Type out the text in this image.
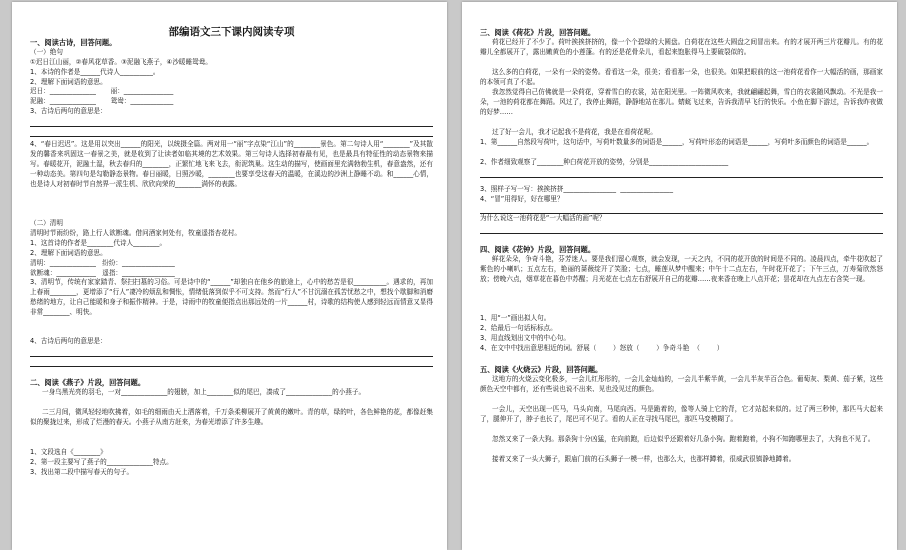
部编语文三下课内阅读专项
一、阅读古诗，回答问题。
（一）绝句
①迟日江山丽，②春风花草香。③泥融飞燕子，④沙暖睡鸳鸯。
1、本诗的作者是______代诗人__________。
2、理解下面词语的意思。
迟日：______________       丽：_______________
泥融：______________       鸳鸯：_____________
3、古诗后两句的意思是：
4、“春日迟迟”。这是用以突出______的阳光，以统摄全篇。两对用一“丽”字点染“江山”的________景色。第二句诗人用“________”及其散发的馨香来巩固这一春景之美，就是收到了让读者如临其境的艺术效果。第三句诗人选择初春最有见，也是最具有特征性的动态景物来描写。春暖花开，泥融土湿，秋去春归的________，正繁忙地飞来飞去，衔泥筑巢。这生动的描写，使画面里充满勃勃生机，春意盎然，还有一种动态美。第四句是勾勒静态景物。春日丽暖，日照沙暖，________也要享受这春天的温暖，在溪边的沙洲上静睡不动。和______心情，也是诗人对初春时节自然界一派生机、欣欣向荣的________满怀的表露。
（二）清明
清明时节雨纷纷，路上行人欲断魂。借问酒家何处有，牧童遥指杏花村。
1、这首诗的作者是________代诗人________。
2、理解下面词语的意思。
清明：______________   纷纷：________________
欲断魂：____________   遥指：________________
3、清明节，传统有家家踏青、祭扫扫墓的习俗。可是诗中的“______”却独自在他乡的旅途上，心中的愁苦是很__________。遇求的，再加上春雨________，更增添了“行人”凄冷的烦乱和惆怅，情绪低落到似乎不可支持。然而“行人”不甘沉溺在孤苦忧愁之中，想找个歇脚和消磨愁绪的地方，让自己能暖和身子和振作精神。于是，诗雨中的牧童便指点出那远处的一片______村，诗歌的结构使人感到轻远而情意又显得非常________、明快。
4、古诗后两句的意思是：
二、阅读《燕子》片段，回答问题。
一身乌黑光亮的羽毛，一对______________的翅膀，加上________似的尾巴，凑成了______________的小燕子。
二三月间，微风轻轻地吹拂着，如毛的细雨由天上洒落着，千万条柔柳展开了黄黄的嫩叶。青的草，绿的叶，各色鲜艳的花，都像赶集似的聚拢过来，形成了烂漫的春天。小燕子从南方赶来，为春光增添了许多生趣。
1、文段选自《________》
2、第一段主要写了燕子的______________特点。
3、找出第二段中描写春天的句子。
三、阅读《荷花》片段，回答问题。
荷花已经开了不少了。荷叶挨挨挤挤的，像一个个碧绿的大圆盘。白荷花在这些大圆盘之间冒出来。有的才展开两三片花瓣儿。有的花瓣儿全都展开了，露出嫩黄色的小莲蓬。有的还是花骨朵儿，看起来饱胀得马上要破裂似的。
这么多的白荷花，一朵有一朵的姿势。看看这一朵，很美；看看那一朵，也很美。如果把眼前的这一池荷花看作一大幅活的画，那画家的本领可真了不起。
我忽然觉得自己仿佛就是一朵荷花，穿着雪白的衣裳，站在阳光里。一阵微风吹来，我就翩翩起舞，雪白的衣裳随风飘动。不光是我一朵，一池的荷花都在舞蹈。风过了，我停止舞蹈，静静地站在那儿。蜻蜓飞过来，告诉我清早飞行的快乐。小鱼在脚下游过，告诉我昨夜做的好梦……
过了好一会儿，我才记起我不是荷花，我是在看荷花呢。
1、第______自然段写荷叶，这句话中，写荷叶数量多的词语是______，写荷叶形态的词语是______，写荷叶多而颜色的词语是______。
2、作者细致观察了________种白荷花开放的姿势，分别是________________________
3、照样子写一写：挨挨挤挤________________  ________________
4、“冒”用得好，好在哪里？
为什么说这一池荷花是“一大幅活的画”呢？
四、阅读《花钟》片段，回答问题。
鲜花朵朵，争奇斗艳，芬芳迷人。要是我们留心观察，就会发现，一天之内，不同的花开放的时间是不同的。凌晨四点，牵牛花吹起了紫色的小喇叭；五点左右，艳丽的蔷薇绽开了笑脸；七点，睡莲从梦中醒来；中午十二点左右，午时花开花了；下午三点，万寿菊欣然怒放；傍晚六点，烟草花在暮色中苏醒；月光花在七点左右舒展开自己的花瓣……夜来香在晚上八点开花；昙花却在九点左右含笑一现。
1、用“一”画出拟人句。
2、给最后一句话标标点。
3、用直线划出文中的中心句。
4、在文中中找出意思相近的词。舒展（        ）怒放（        ）争奇斗艳  （        ）
五、阅读《火烧云》片段，回答问题。
这地方的火烧云变化极多，一会儿红彤彤的，一会儿金灿灿的，一会儿半紫半黄，一会儿半灰半百合色。葡萄灰、梨黄、茄子紫，这些颜色天空中都有，还有些说也说不出来、见也没见过的颜色。
一会儿，天空出现一匹马，马头向南，马尾向西。马是跪着的，像等人骑上它的背，它才站起来似的。过了两三秒钟，那匹马大起来了，腿伸开了，脖子也长了，尾巴可不见了。看的人正在寻找马尾巴，那匹马变模糊了。
忽然又来了一条大狗。那条狗十分凶猛，在向前跑，后边似乎还跟着好几条小狗。跑着跑着，小狗不知跑哪里去了，大狗也不见了。
接着又来了一头大狮子，跟庙门前的石头狮子一模一样，也那么大，也那样蹲着，很威武很镇静地蹲着。
